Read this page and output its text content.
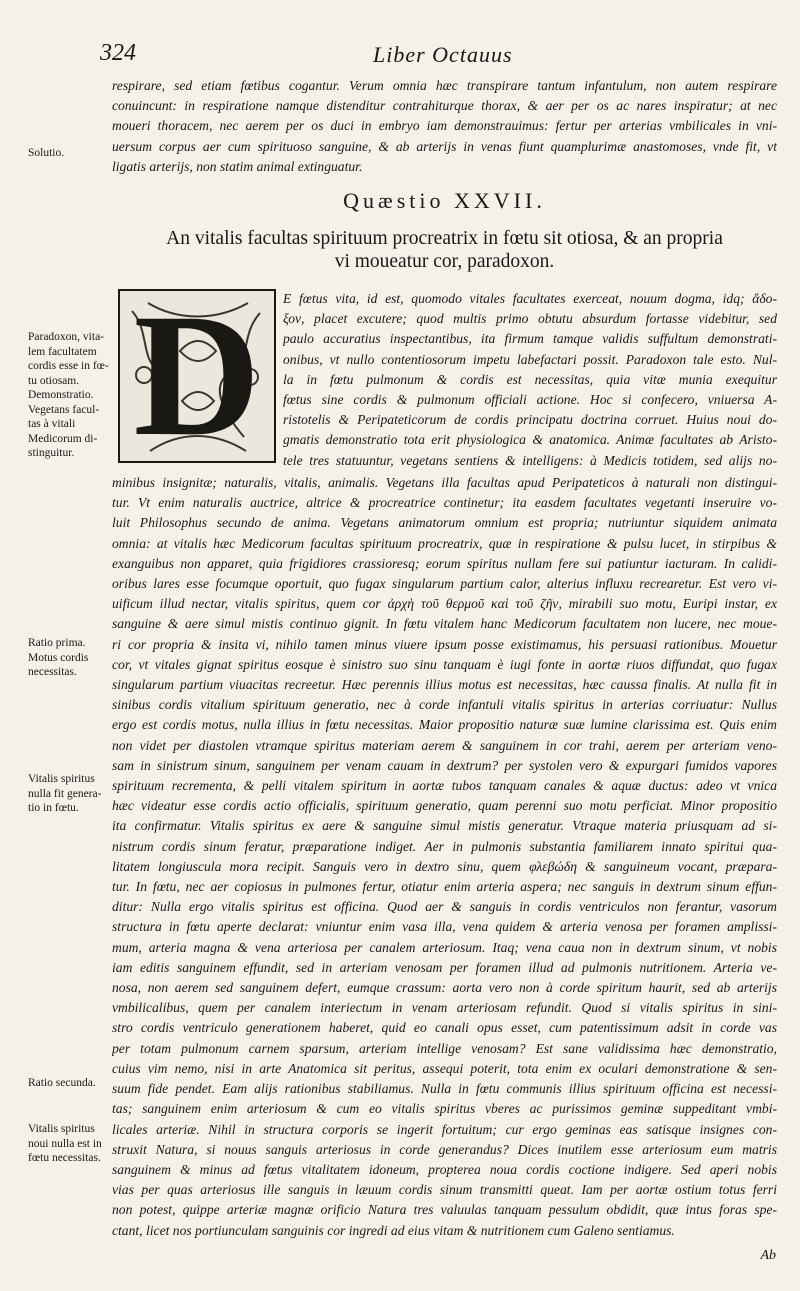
324	Liber Octauus
respirare, sed etiam fœtibus cogantur. Verum omnia hæc transpirare tantum infantulum, non autem respirare
conuincunt: in respiratione namque distenditur contrahiturque thorax, & aer per os ac nares inspiratur; at nec
moueri thoracem, nec aerem per os duci in embryo iam demonstrauimus: fertur per arterias vmbilicales in vni-
uersum corpus aer cum spirituoso sanguine, & ab arterijs in venas fiunt quamplurimæ anastomoses, vnde fit, vt
ligatis arterijs, non statim animal extinguatur.
Quæstio XXVII.
An vitalis facultas spirituum procreatrix in fœtu sit otiosa, & an propria
vi moueatur cor, paradoxon.
D	E fœtus vita, id est, quomodo vitales facultates exerceat, nouum dogma, idq; ἄδο-
ξον, placet excutere; quod multis primo obtutu absurdum fortasse videbitur, sed
paulo accuratius inspectantibus, ita firmum tamque validis suffultum demonstrati-
onibus, vt nullo contentiosorum impetu labefactari possit. Paradoxon tale esto. Nul-
la in fœtu pulmonum & cordis est necessitas, quia vitæ munia exequitur
fœtus sine cordis & pulmonum officiali actione. Hoc si confecero, vniuersa A-
ristotelis & Peripateticorum de cordis principatu doctrina corruet. Huius noui do-
gmatis demonstratio tota erit physiologica & anatomica. Animæ facultates ab Aristo-
tele tres statuuntur, vegetans sentiens & intelligens: à Medicis totidem, sed alijs no-
minibus insignitæ; naturalis, vitalis, animalis. Vegetans illa facultas apud Peripateticos à naturali non distingui-
tur. Vt enim naturalis auctrice, altrice & procreatrice continetur; ita easdem facultates vegetanti inseruire vo-
luit Philosophus secundo de anima. Vegetans animatorum omnium est propria; nutriuntur siquidem animata
omnia: at vitalis hæc Medicorum facultas spirituum procreatrix, quæ in respiratione & pulsu lucet, in stirpibus &
exanguibus non apparet, quia frigidiores crassioresq; eorum spiritus nullam fere sui patiuntur iacturam. In calidi-
oribus lares esse focumque oportuit, quo fugax singularum partium calor, alterius influxu recrearetur. Est vero vi-
uificum illud nectar, vitalis spiritus, quem cor ἀρχὴ τοῦ θερμοῦ καὶ τοῦ ζῆν, mirabili suo motu, Euripi instar, ex
sanguine & aere simul mistis continuo gignit. In fœtu vitalem hanc Medicorum facultatem non lucere, nec moue-
ri cor propria & insita vi, nihilo tamen minus viuere ipsum posse existimamus, his persuasi rationibus. Mouetur
cor, vt vitales gignat spiritus eosque è sinistro suo sinu tanquam è iugi fonte in aortæ riuos diffundat, quo fugax
singularum partium viuacitas recreetur. Hæc perennis illius motus est necessitas, hæc caussa finalis. At nulla fit in
sinibus cordis vitalium spirituum generatio, nec à corde infantuli vitalis spiritus in arterias corriuatur: Nullus
ergo est cordis motus, nulla illius in fœtu necessitas. Maior propositio naturæ suæ lumine clarissima est. Quis enim
non videt per diastolen vtramque spiritus materiam aerem & sanguinem in cor trahi, aerem per arteriam veno-
sam in sinistrum sinum, sanguinem per venam cauam in dextrum? per systolen vero & expurgari fumidos vapores
spirituum recrementa, & pelli vitalem spiritum in aortæ tubos tanquam canales & aquæ ductus: adeo vt vnica
hæc videatur esse cordis actio officialis, spirituum generatio, quam perenni suo motu perficiat. Minor propositio
ita confirmatur. Vitalis spiritus ex aere & sanguine simul mistis generatur. Vtraque materia priusquam ad si-
nistrum cordis sinum feratur, præparatione indiget. Aer in pulmonis substantia familiarem innato spiritui qua-
litatem longiuscula mora recipit. Sanguis vero in dextro sinu, quem φλεβώδη & sanguineum vocant, præpara-
tur. In fœtu, nec aer copiosus in pulmones fertur, otiatur enim arteria aspera; nec sanguis in dextrum sinum effun-
ditur: Nulla ergo vitalis spiritus est officina. Quod aer & sanguis in cordis ventriculos non ferantur, vasorum
structura in fœtu aperte declarat: vniuntur enim vasa illa, vena quidem & arteria venosa per foramen amplissi-
mum, arteria magna & vena arteriosa per canalem arteriosum. Itaq; vena caua non in dextrum sinum, vt nobis
iam editis sanguinem effundit, sed in arteriam venosam per foramen illud ad pulmonis nutritionem. Arteria ve-
nosa, non aerem sed sanguinem defert, eumque crassum: aorta vero non à corde spiritum haurit, sed ab arterijs
vmbilicalibus, quem per canalem interiectum in venam arteriosam refundit. Quod si vitalis spiritus in sini-
stro cordis ventriculo generationem haberet, quid eo canali opus esset, cum patentissimum adsit in corde vas
per totam pulmonum carnem sparsum, arteriam intellige venosam? Est sane validissima hæc demonstratio,
cuius vim nemo, nisi in arte Anatomica sit peritus, assequi poterit, tota enim ex oculari demonstratione & sen-
suum fide pendet. Eam alijs rationibus stabiliamus. Nulla in fœtu communis illius spirituum officina est necessi-
tas; sanguinem enim arteriosum & cum eo vitalis spiritus vberes ac purissimos geminæ suppeditant vmbi-
licales arteriæ. Nihil in structura corporis se ingerit fortuitum; cur ergo geminas eas satisque insignes con-
struxit Natura, si nouus sanguis arteriosus in corde generandus? Dices inutilem esse arteriosum eum matris
sanguinem & minus ad fœtus vitalitatem idoneum, propterea noua cordis coctione indigere. Sed aperi nobis
vias per quas arteriosus ille sanguis in læuum cordis sinum transmitti queat. Iam per aortæ ostium totus ferri
non potest, quippe arteriæ magnæ orificio Natura tres valuulas tanquam pessulum obdidit, quæ intus foras spe-
ctant, licet nos portiunculam sanguinis cor ingredi ad eius vitam & nutritionem cum Galeno sentiamus.
Solutio.
Paradoxon, vita-
lem facultatem
cordis esse in fœ-
tu otiosam.
Demonstratio.
Vegetans facul-
tas à vitali
Medicorum di-
stinguitur.
Ratio prima.
Motus cordis
necessitas.
Vitalis spiritus
nulla fit genera-
tio in fœtu.
Ratio secunda.
Vitalis spiritus
noui nulla est in
fœtu necessitas.
Ab
